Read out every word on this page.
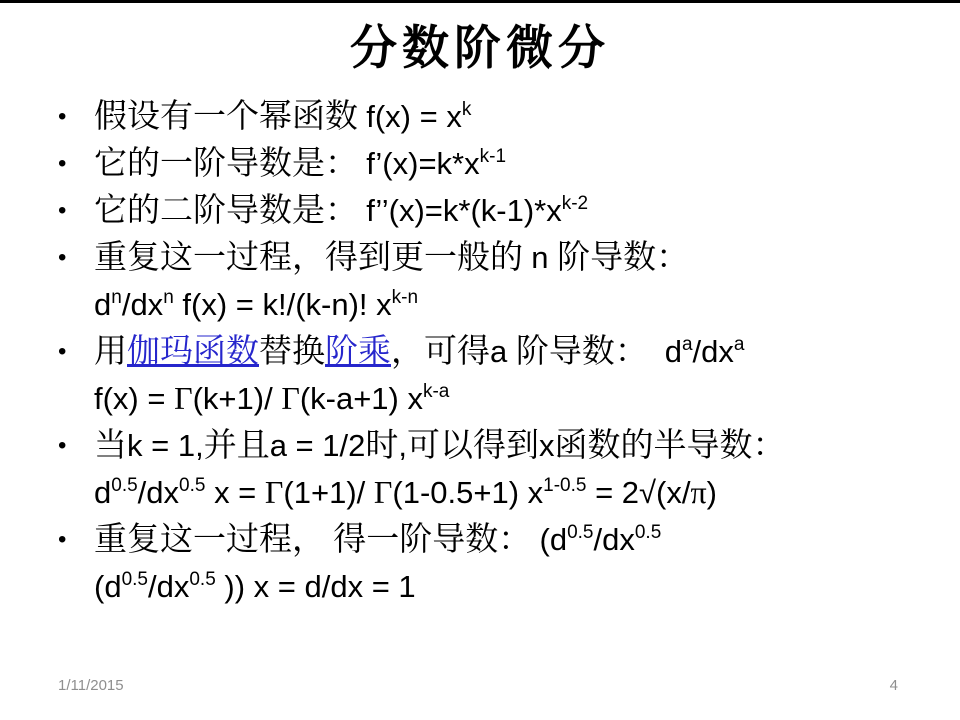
分数阶微分
• 假设有一个幂函数 f(x) = xk
• 它的一阶导数是： f’(x)=k*xk-1
• 它的二阶导数是： f’’(x)=k*(k-1)*xk-2
• 重复这一过程，得到更一般的 n 阶导数：
dn/dxn f(x) = k!/(k-n)! xk-n
• 用伽玛函数替换阶乘，可得a 阶导数：  da/dxa
f(x) = Γ(k+1)/ Γ(k-a+1) xk-a
• 当k = 1,并且a = 1/2时,可以得到x函数的半导数：
d0.5/dx0.5 x = Γ(1+1)/ Γ(1-0.5+1) x1-0.5 = 2√(x/π)
• 重复这一过程， 得一阶导数： (d0.5/dx0.5
(d0.5/dx0.5 )) x = d/dx = 1
1/11/2015	4
